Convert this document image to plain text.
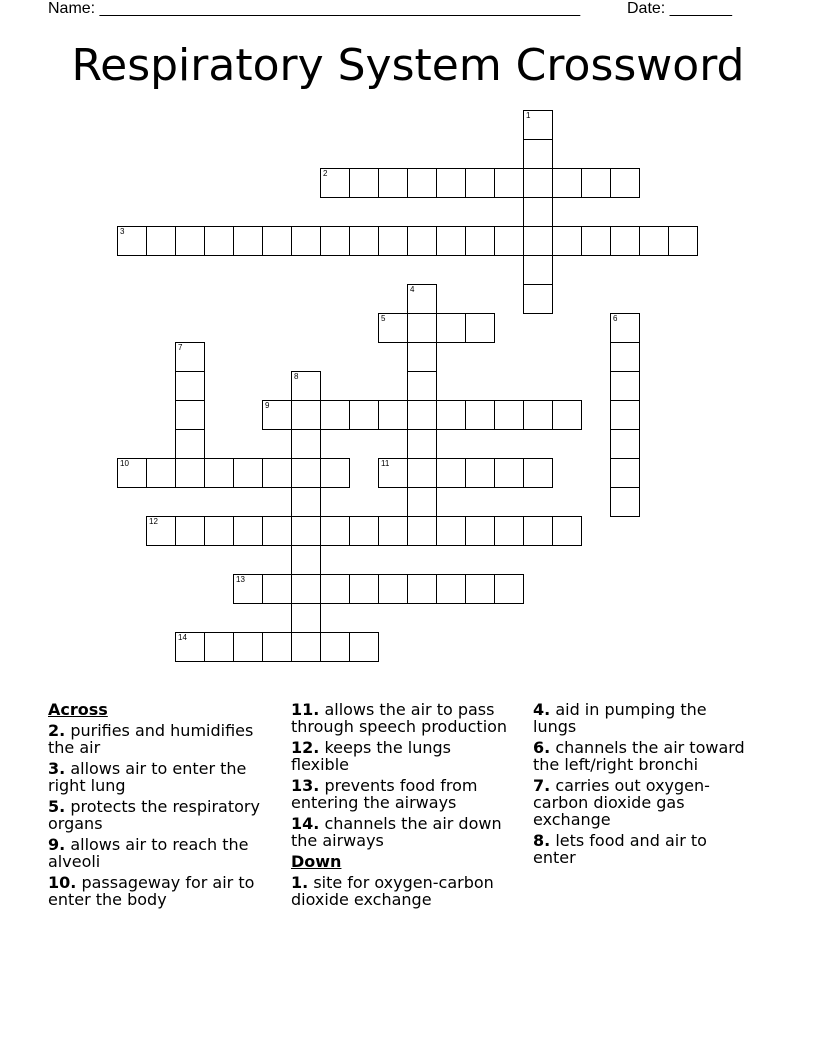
Name: ______________________________________________________	Date: _______
Respiratory System Crossword
1
2
3
4
5	6
7
8
9
10	11
12
13
14
Across
2. purifies and humidifies the air
3. allows air to enter the right lung
5. protects the respiratory organs
9. allows air to reach the alveoli
10. passageway for air to enter the body
11. allows the air to pass through speech production
12. keeps the lungs flexible
13. prevents food from entering the airways
14. channels the air down the airways
Down
1. site for oxygen-carbon dioxide exchange
4. aid in pumping the lungs
6. channels the air toward the left/right bronchi
7. carries out oxygen-carbon dioxide gas exchange
8. lets food and air to enter
